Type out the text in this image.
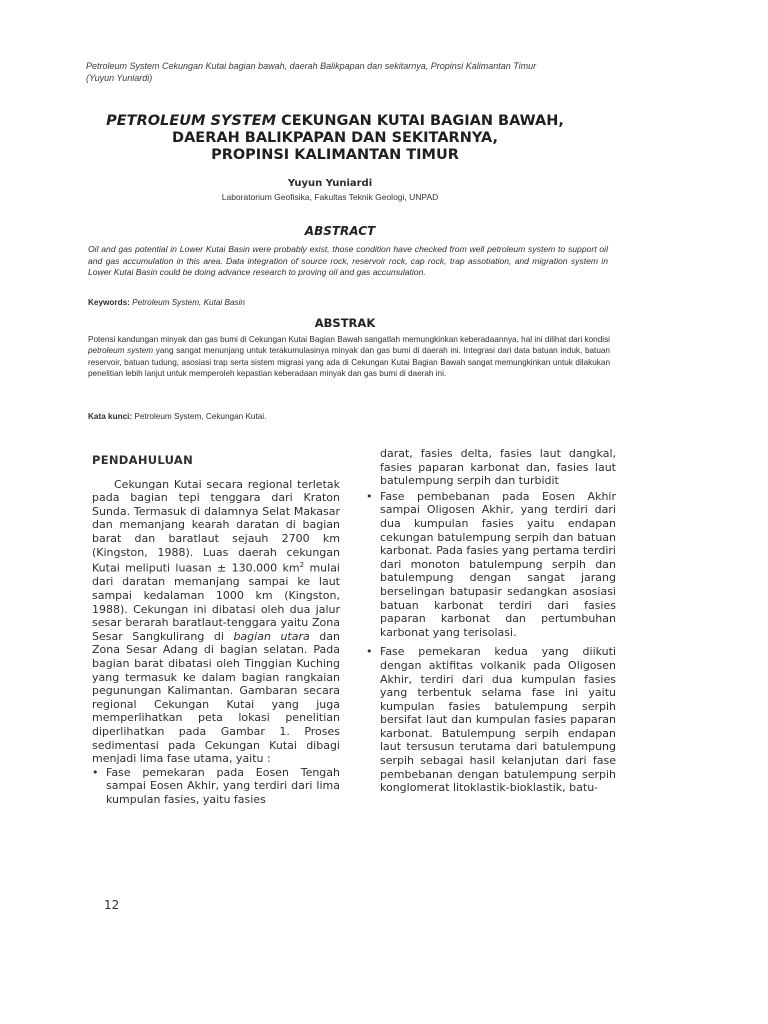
Petroleum System Cekungan Kutai bagian bawah, daerah Balikpapan dan sekitarnya, Propinsi Kalimantan Timur
(Yuyun Yuniardi)
PETROLEUM SYSTEM CEKUNGAN KUTAI BAGIAN BAWAH,
DAERAH BALIKPAPAN DAN SEKITARNYA,
PROPINSI KALIMANTAN TIMUR
Yuyun Yuniardi
Laboratorium Geofisika, Fakultas Teknik Geologi, UNPAD
ABSTRACT
Oil and gas potential in Lower Kutai Basin were probably exist, those condition have checked from well petroleum system to support oil and gas accumulation in this area. Data integration of source rock, reservoir rock, cap rock, trap assotiation, and migration system in Lower Kutai Basin could be doing advance research to proving oil and gas accumulation.
Keywords: Petroleum System, Kutai Basin
ABSTRAK
Potensi kandungan minyak dan gas bumi di Cekungan Kutai Bagian Bawah sangatlah memungkinkan keberadaannya, hal ini dilihat dari kondisi petroleum system yang sangat menunjang untuk terakumulasinya minyak dan gas bumi di daerah ini. Integrasi dari data batuan induk, batuan reservoir, batuan tudung, asosiasi trap serta sistem migrasi yang ada di Cekungan Kutai Bagian Bawah sangat memungkinkan untuk dilakukan penelitian lebih lanjut untuk memperoleh kepastian keberadaan minyak dan gas bumi di daerah ini.
Kata kunci: Petroleum System, Cekungan Kutai.
PENDAHULUAN

Cekungan Kutai secara regional terletak pada bagian tepi tenggara dari Kraton Sunda. Termasuk di dalamnya Selat Makasar dan memanjang kearah daratan di bagian barat dan baratlaut sejauh 2700 km (Kingston, 1988). Luas daerah cekungan Kutai meliputi luasan ± 130.000 $km^2$ mulai dari daratan memanjang sampai ke laut sampai kedalaman 1000 km (Kingston, 1988). Cekungan ini dibatasi oleh dua jalur sesar berarah baratlaut-tenggara yaitu Zona Sesar Sangkulirang di bagian utara dan Zona Sesar Adang di bagian selatan. Pada bagian barat dibatasi oleh Tinggian Kuching yang termasuk ke dalam bagian rangkaian pegunungan Kalimantan. Gambaran secara regional Cekungan Kutai yang juga memperlihatkan peta lokasi penelitian diperlihatkan pada Gambar 1. Proses sedimentasi pada Cekungan Kutai dibagi menjadi lima fase utama, yaitu :

• Fase pemekaran pada Eosen Tengah sampai Eosen Akhir, yang terdiri dari lima kumpulan fasies, yaitu fasies

darat, fasies delta, fasies laut dangkal, fasies paparan karbonat dan, fasies laut batulempung serpih dan turbidit

• Fase pembebanan pada Eosen Akhir sampai Oligosen Akhir, yang terdiri dari dua kumpulan fasies yaitu endapan cekungan batulempung serpih dan batuan karbonat. Pada fasies yang pertama terdiri dari monoton batulempung serpih dan batulempung dengan sangat jarang berselingan batupasir sedangkan asosiasi batuan karbonat terdiri dari fasies paparan karbonat dan pertumbuhan karbonat yang terisolasi.

• Fase pemekaran kedua yang diikuti dengan aktifitas volkanik pada Oligosen Akhir, terdiri dari dua kumpulan fasies yang terbentuk selama fase ini yaitu kumpulan fasies batulempung serpih bersifat laut dan kumpulan fasies paparan karbonat. Batulempung serpih endapan laut tersusun terutama dari batulempung serpih sebagai hasil kelanjutan dari fase pembebanan dengan batulempung serpih konglomerat litoklastik-bioklastik, batu-

12
